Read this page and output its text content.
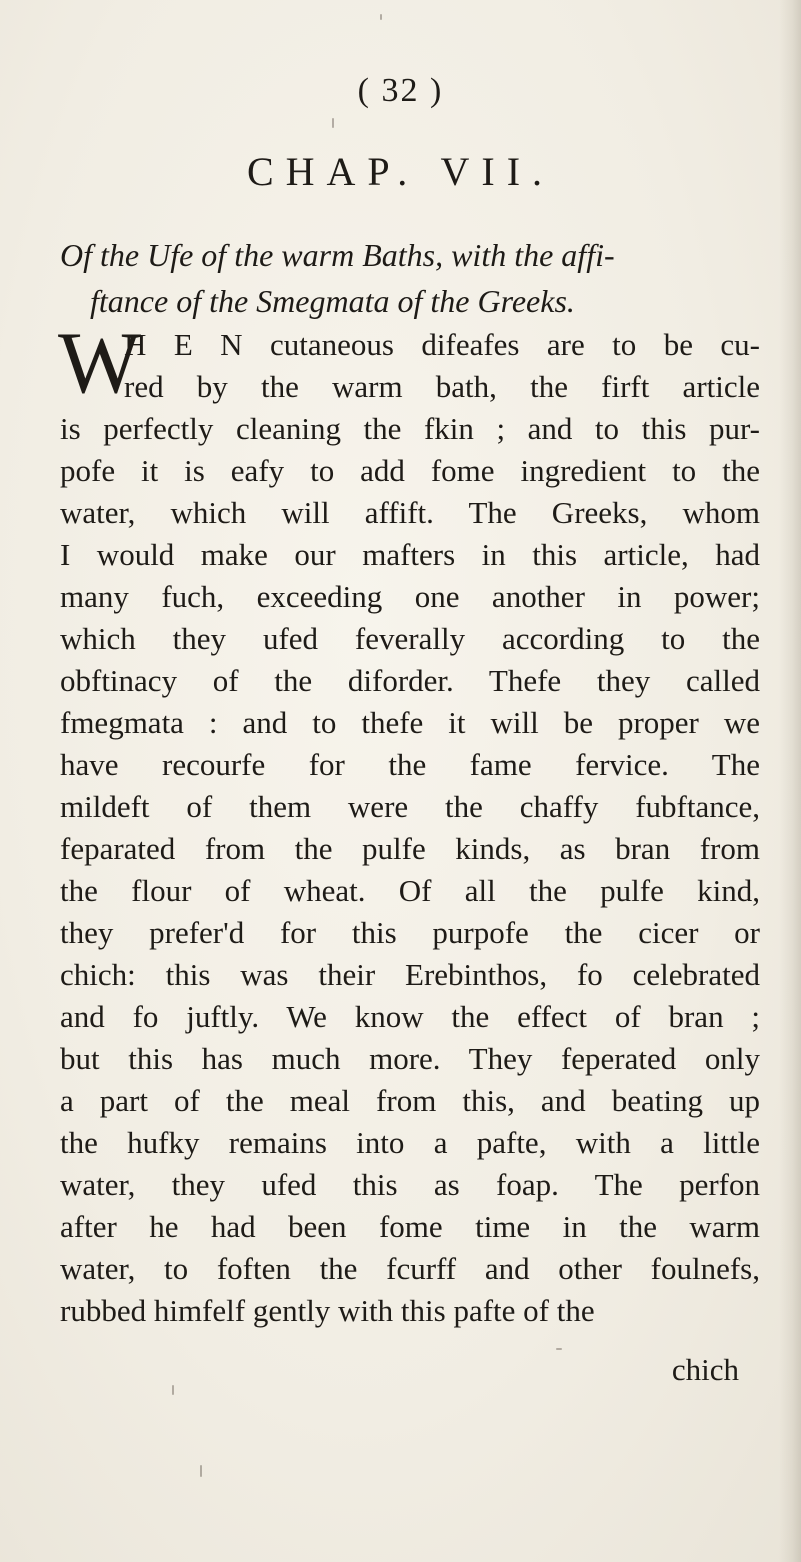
( 32 )
CHAP. VII.
Of the Ufe of the warm Baths, with the affi-
ftance of the Smegmata of the Greeks.
W
H E N cutaneous difeafes are to be cu-
red by the warm bath, the firft article
is perfectly cleaning the fkin ; and to this pur-
pofe it is eafy to add fome ingredient to the
water, which will affift. The Greeks, whom
I would make our mafters in this article, had
many fuch, exceeding one another in power;
which they ufed feverally according to the
obftinacy of the diforder. Thefe they called
fmegmata : and to thefe it will be proper we
have recourfe for the fame fervice. The
mildeft of them were the chaffy fubftance,
feparated from the pulfe kinds, as bran from
the flour of wheat. Of all the pulfe kind,
they prefer'd for this purpofe the cicer or
chich: this was their Erebinthos, fo celebrated
and fo juftly. We know the effect of bran ;
but this has much more. They feperated only
a part of the meal from this, and beating up
the hufky remains into a pafte, with a little
water, they ufed this as foap. The perfon
after he had been fome time in the warm
water, to foften the fcurff and other foulnefs,
rubbed himfelf gently with this pafte of the
chich
